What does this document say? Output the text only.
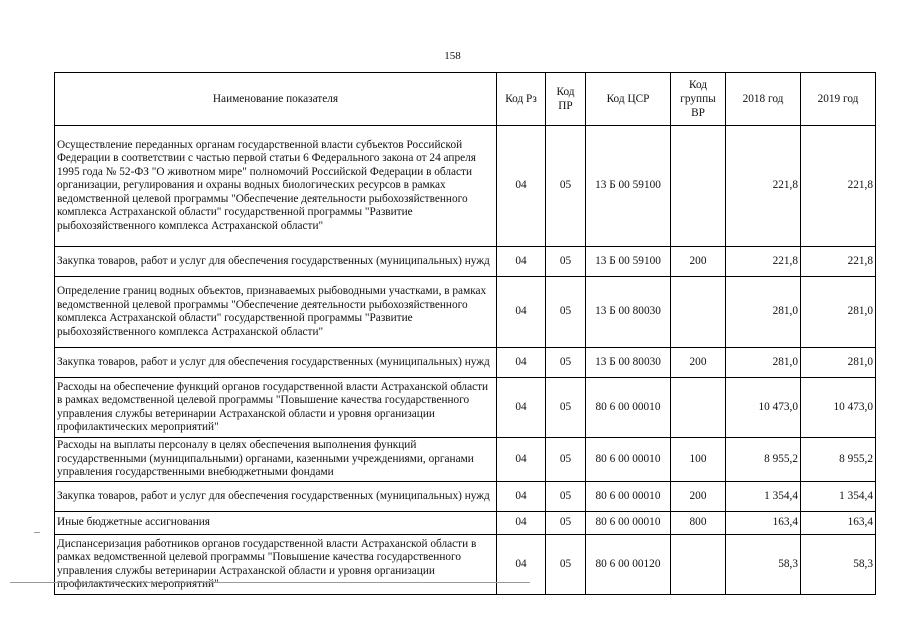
158
Наименование показателя	Код Рз	Код ПР	Код ЦСР	Код группы ВР	2018 год	2019 год
Осуществление переданных органам государственной власти субъектов Российской Федерации в соответствии с частью первой статьи 6 Федерального закона от 24 апреля 1995 года № 52-ФЗ "О животном мире" полномочий Российской Федерации в области организации, регулирования и охраны водных биологических ресурсов в рамках ведомственной целевой программы "Обеспечение деятельности рыбохозяйственного комплекса Астраханской области" государственной программы "Развитие рыбохозяйственного комплекса Астраханской области"	04	05	13 Б 00 59100		221,8	221,8
Закупка товаров, работ и услуг для обеспечения государственных (муниципальных) нужд	04	05	13 Б 00 59100	200	221,8	221,8
Определение границ водных объектов, признаваемых рыбоводными участками, в рамках ведомственной целевой программы "Обеспечение деятельности рыбохозяйственного комплекса Астраханской области" государственной программы "Развитие рыбохозяйственного комплекса Астраханской области"	04	05	13 Б 00 80030		281,0	281,0
Закупка товаров, работ и услуг для обеспечения государственных (муниципальных) нужд	04	05	13 Б 00 80030	200	281,0	281,0
Расходы на обеспечение функций органов государственной власти Астраханской области в рамках ведомственной целевой программы "Повышение качества государственного управления службы ветеринарии Астраханской области и уровня организации профилактических мероприятий"	04	05	80 6 00 00010		10 473,0	10 473,0
Расходы на выплаты персоналу в целях обеспечения выполнения функций государственными (муниципальными) органами, казенными учреждениями, органами управления государственными внебюджетными фондами	04	05	80 6 00 00010	100	8 955,2	8 955,2
Закупка товаров, работ и услуг для обеспечения государственных (муниципальных) нужд	04	05	80 6 00 00010	200	1 354,4	1 354,4
Иные бюджетные ассигнования	04	05	80 6 00 00010	800	163,4	163,4
Диспансеризация работников органов государственной власти Астраханской области в рамках ведомственной целевой программы "Повышение качества государственного управления службы ветеринарии Астраханской области и уровня организации профилактических мероприятий"	04	05	80 6 00 00120		58,3	58,3
